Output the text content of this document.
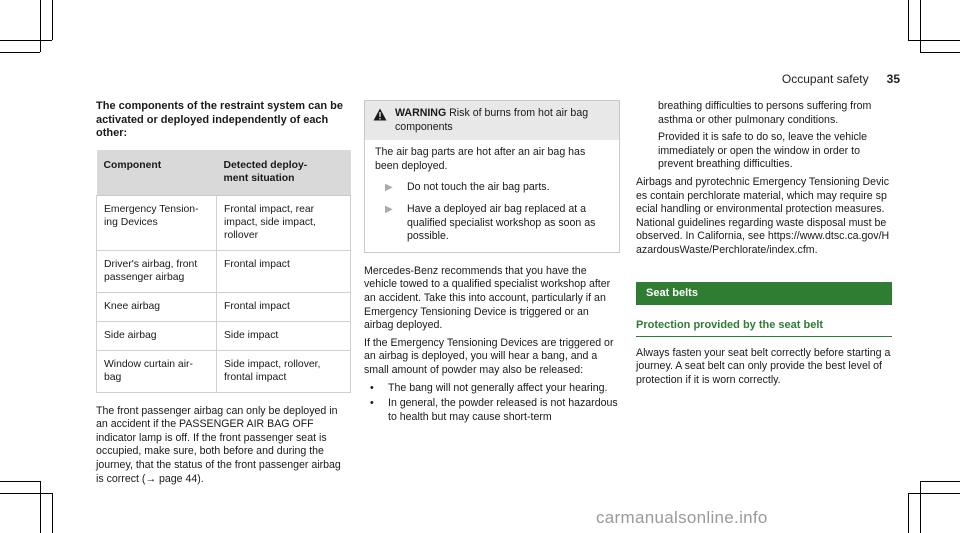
Occupant safety 35
The components of the restraint system can be activated or deployed independently of each other:
Component	Detected deploy-
ment situation
Emergency Tension-
ing Devices	Frontal impact, rear
impact, side impact,
rollover
Driver's airbag, front
passenger airbag	Frontal impact
Knee airbag	Frontal impact
Side airbag	Side impact
Window curtain air-
bag	Side impact, rollover,
frontal impact

The front passenger airbag can only be deployed in an accident if the PASSENGER AIR BAG OFF indicator lamp is off. If the front passenger seat is occupied, make sure, both before and during the journey, that the status of the front passenger airbag is correct (→ page 44).

WARNING Risk of burns from hot air bag components
The air bag parts are hot after an air bag has been deployed.
▶	Do not touch the air bag parts.
▶	Have a deployed air bag replaced at a qualified specialist workshop as soon as possible.

Mercedes-Benz recommends that you have the vehicle towed to a qualified specialist workshop after an accident. Take this into account, particularly if an Emergency Tensioning Device is triggered or an airbag deployed.

If the Emergency Tensioning Devices are triggered or an airbag is deployed, you will hear a bang, and a small amount of powder may also be released:

•	The bang will not generally affect your hearing.
•	In general, the powder released is not hazardous to health but may cause short-term

breathing difficulties to persons suffering from asthma or other pulmonary conditions.

Provided it is safe to do so, leave the vehicle immediately or open the window in order to prevent breathing difficulties.

Airbags and pyrotechnic Emergency Tensioning Devices contain perchlorate material, which may require special handling or environmental protection measures. National guidelines regarding waste disposal must be observed. In California, see https://www.dtsc.ca.gov/HazardousWaste/Perchlorate/index.cfm.

Seat belts
Protection provided by the seat belt

Always fasten your seat belt correctly before starting a journey. A seat belt can only provide the best level of protection if it is worn correctly.

carmanualsonline.info
